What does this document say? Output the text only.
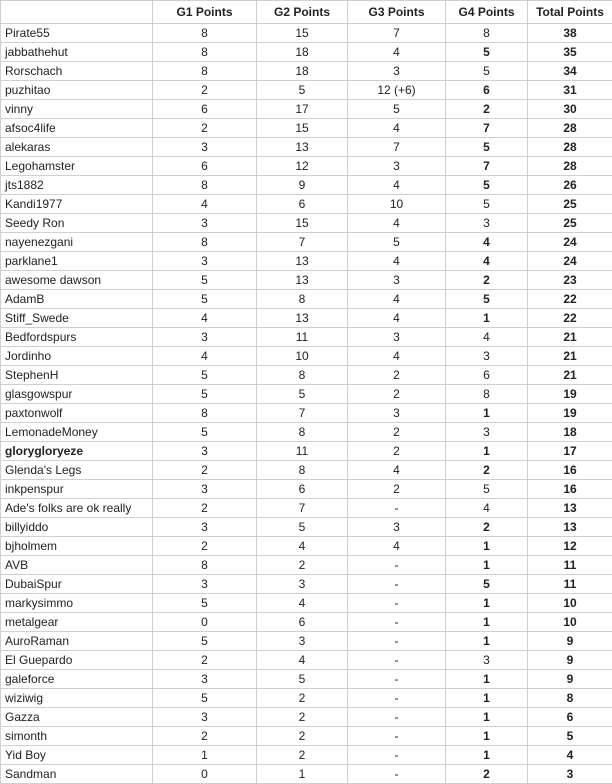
	G1 Points	G2 Points	G3 Points	G4 Points	Total Points
Pirate55	8	15	7	8	38
jabbathehut	8	18	4	5	35
Rorschach	8	18	3	5	34
puzhitao	2	5	12 (+6)	6	31
vinny	6	17	5	2	30
afsoc4life	2	15	4	7	28
alekaras	3	13	7	5	28
Legohamster	6	12	3	7	28
jts1882	8	9	4	5	26
Kandi1977	4	6	10	5	25
Seedy Ron	3	15	4	3	25
nayenezgani	8	7	5	4	24
parklane1	3	13	4	4	24
awesome dawson	5	13	3	2	23
AdamB	5	8	4	5	22
Stiff_Swede	4	13	4	1	22
Bedfordspurs	3	11	3	4	21
Jordinho	4	10	4	3	21
StephenH	5	8	2	6	21
glasgowspur	5	5	2	8	19
paxtonwolf	8	7	3	1	19
LemonadeMoney	5	8	2	3	18
glorygloryeze	3	11	2	1	17
Glenda's Legs	2	8	4	2	16
inkpenspur	3	6	2	5	16
Ade's folks are ok really	2	7	-	4	13
billyiddo	3	5	3	2	13
bjholmem	2	4	4	1	12
AVB	8	2	-	1	11
DubaiSpur	3	3	-	5	11
markysimmo	5	4	-	1	10
metalgear	0	6	-	1	10
AuroRaman	5	3	-	1	9
El Guepardo	2	4	-	3	9
galeforce	3	5	-	1	9
wiziwig	5	2	-	1	8
Gazza	3	2	-	1	6
simonth	2	2	-	1	5
Yid Boy	1	2	-	1	4
Sandman	0	1	-	2	3
